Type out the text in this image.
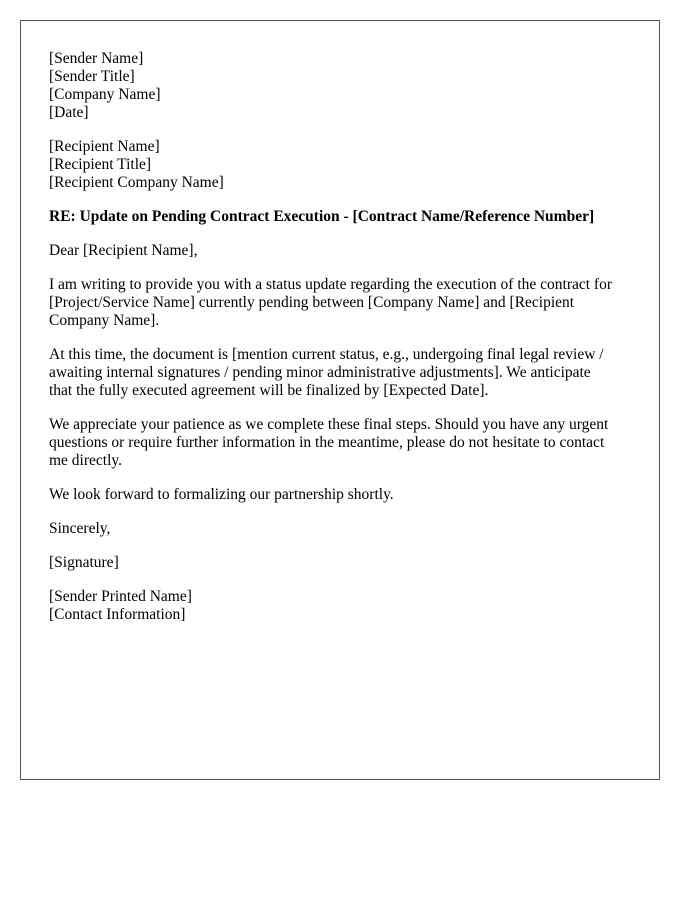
[Sender Name]
[Sender Title]
[Company Name]
[Date]
[Recipient Name]
[Recipient Title]
[Recipient Company Name]
RE: Update on Pending Contract Execution - [Contract Name/Reference Number]
Dear [Recipient Name],
I am writing to provide you with a status update regarding the execution of the contract for
[Project/Service Name] currently pending between [Company Name] and [Recipient
Company Name].
At this time, the document is [mention current status, e.g., undergoing final legal review /
awaiting internal signatures / pending minor administrative adjustments]. We anticipate
that the fully executed agreement will be finalized by [Expected Date].
We appreciate your patience as we complete these final steps. Should you have any urgent
questions or require further information in the meantime, please do not hesitate to contact
me directly.
We look forward to formalizing our partnership shortly.
Sincerely,
[Signature]
[Sender Printed Name]
[Contact Information]
